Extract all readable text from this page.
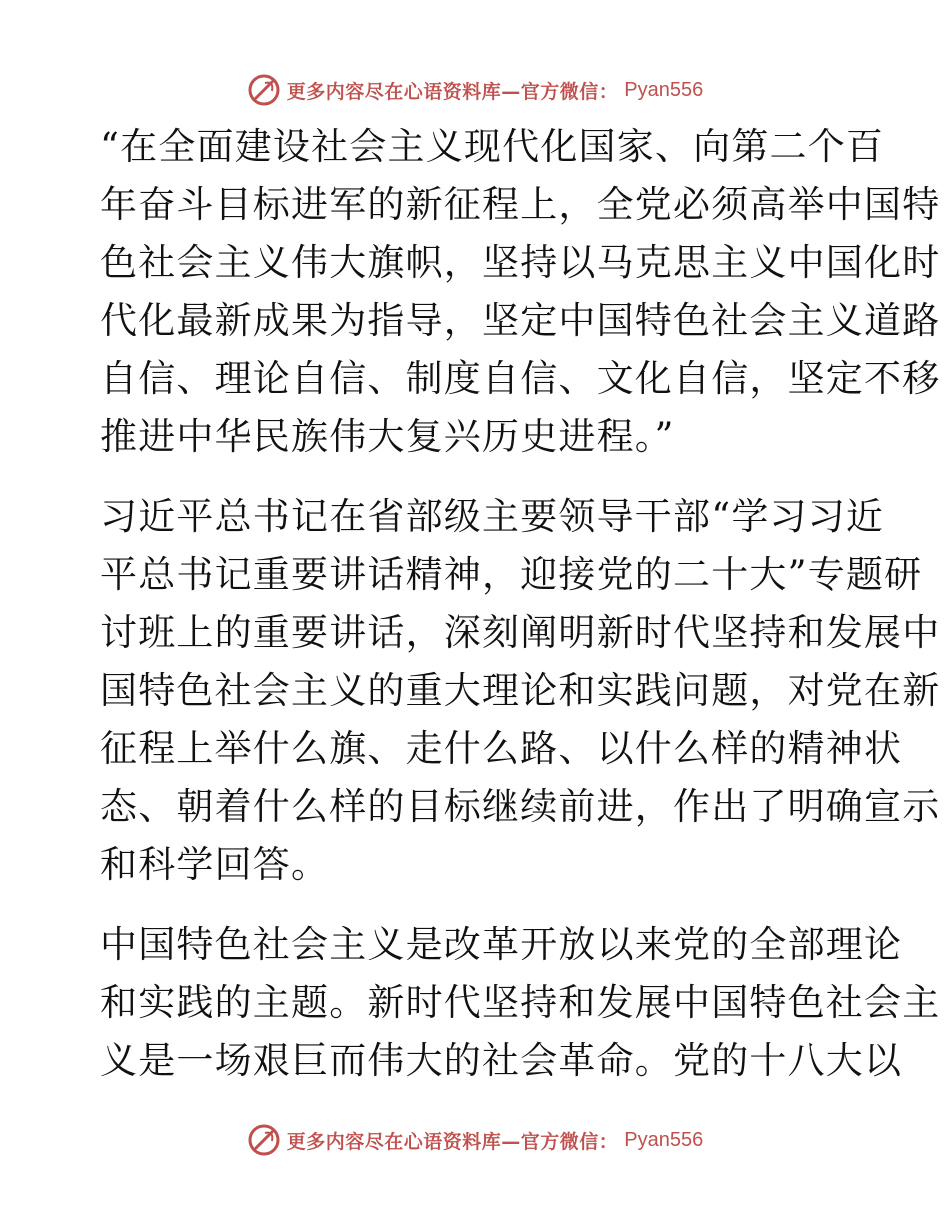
更多内容尽在心语资料库—官方微信： Pyan556

“在全面建设社会主义现代化国家、向第二个百
年奋斗目标进军的新征程上，全党必须高举中国特
色社会主义伟大旗帜，坚持以马克思主义中国化时
代化最新成果为指导，坚定中国特色社会主义道路
自信、理论自信、制度自信、文化自信，坚定不移
推进中华民族伟大复兴历史进程。”

习近平总书记在省部级主要领导干部“学习习近
平总书记重要讲话精神，迎接党的二十大”专题研
讨班上的重要讲话，深刻阐明新时代坚持和发展中
国特色社会主义的重大理论和实践问题，对党在新
征程上举什么旗、走什么路、以什么样的精神状
态、朝着什么样的目标继续前进，作出了明确宣示
和科学回答。

中国特色社会主义是改革开放以来党的全部理论
和实践的主题。新时代坚持和发展中国特色社会主
义是一场艰巨而伟大的社会革命。党的十八大以

更多内容尽在心语资料库—官方微信： Pyan556
